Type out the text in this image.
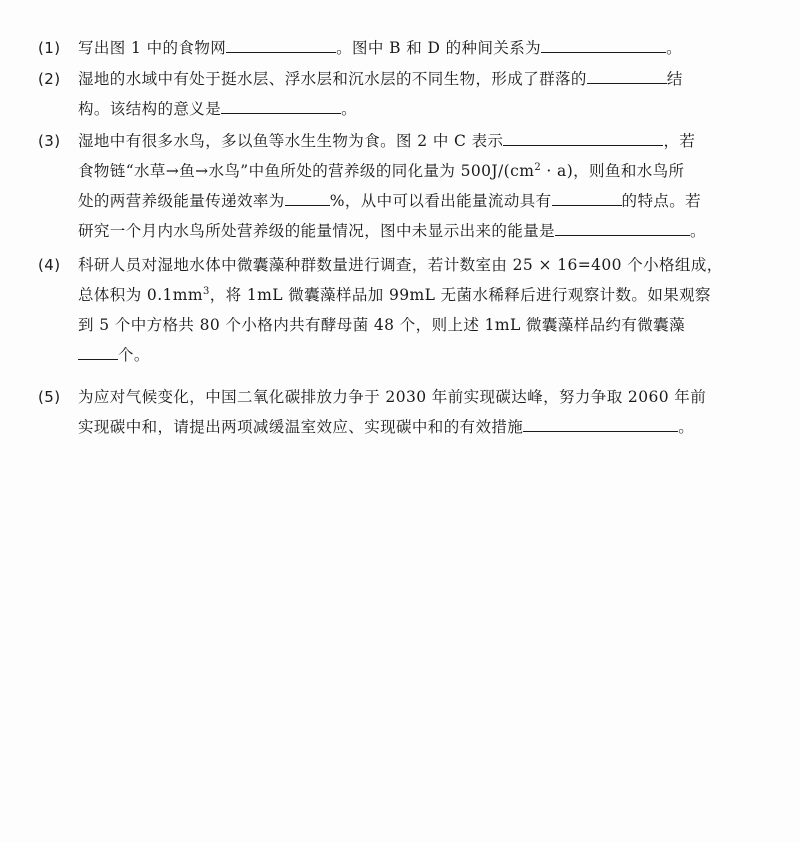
(1) 写出图 1 中的食物网	。图中 B 和 D 的种间关系为	。
(2) 湿地的水域中有处于挺水层、浮水层和沉水层的不同生物，形成了群落的	结
构。该结构的意义是	。
(3) 湿地中有很多水鸟，多以鱼等水生生物为食。图 2 中 C 表示	，若
食物链“水草→鱼→水鸟”中鱼所处的营养级的同化量为 $500J/(cm^2 \cdot a)$，则鱼和水鸟所
处的两营养级能量传递效率为	%，从中可以看出能量流动具有	的特点。若
研究一个月内水鸟所处营养级的能量情况，图中未显示出来的能量是	。
(4) 科研人员对湿地水体中微囊藻种群数量进行调查，若计数室由 25 × 16=400 个小格组成，
总体积为 $0.1mm^3$，将 1mL 微囊藻样品加 99mL 无菌水稀释后进行观察计数。如果观察
到 5 个中方格共 80 个小格内共有酵母菌 48 个，则上述 1mL 微囊藻样品约有微囊藻
个。
(5) 为应对气候变化，中国二氧化碳排放力争于 2030 年前实现碳达峰，努力争取 2060 年前
实现碳中和，请提出两项减缓温室效应、实现碳中和的有效措施	。
